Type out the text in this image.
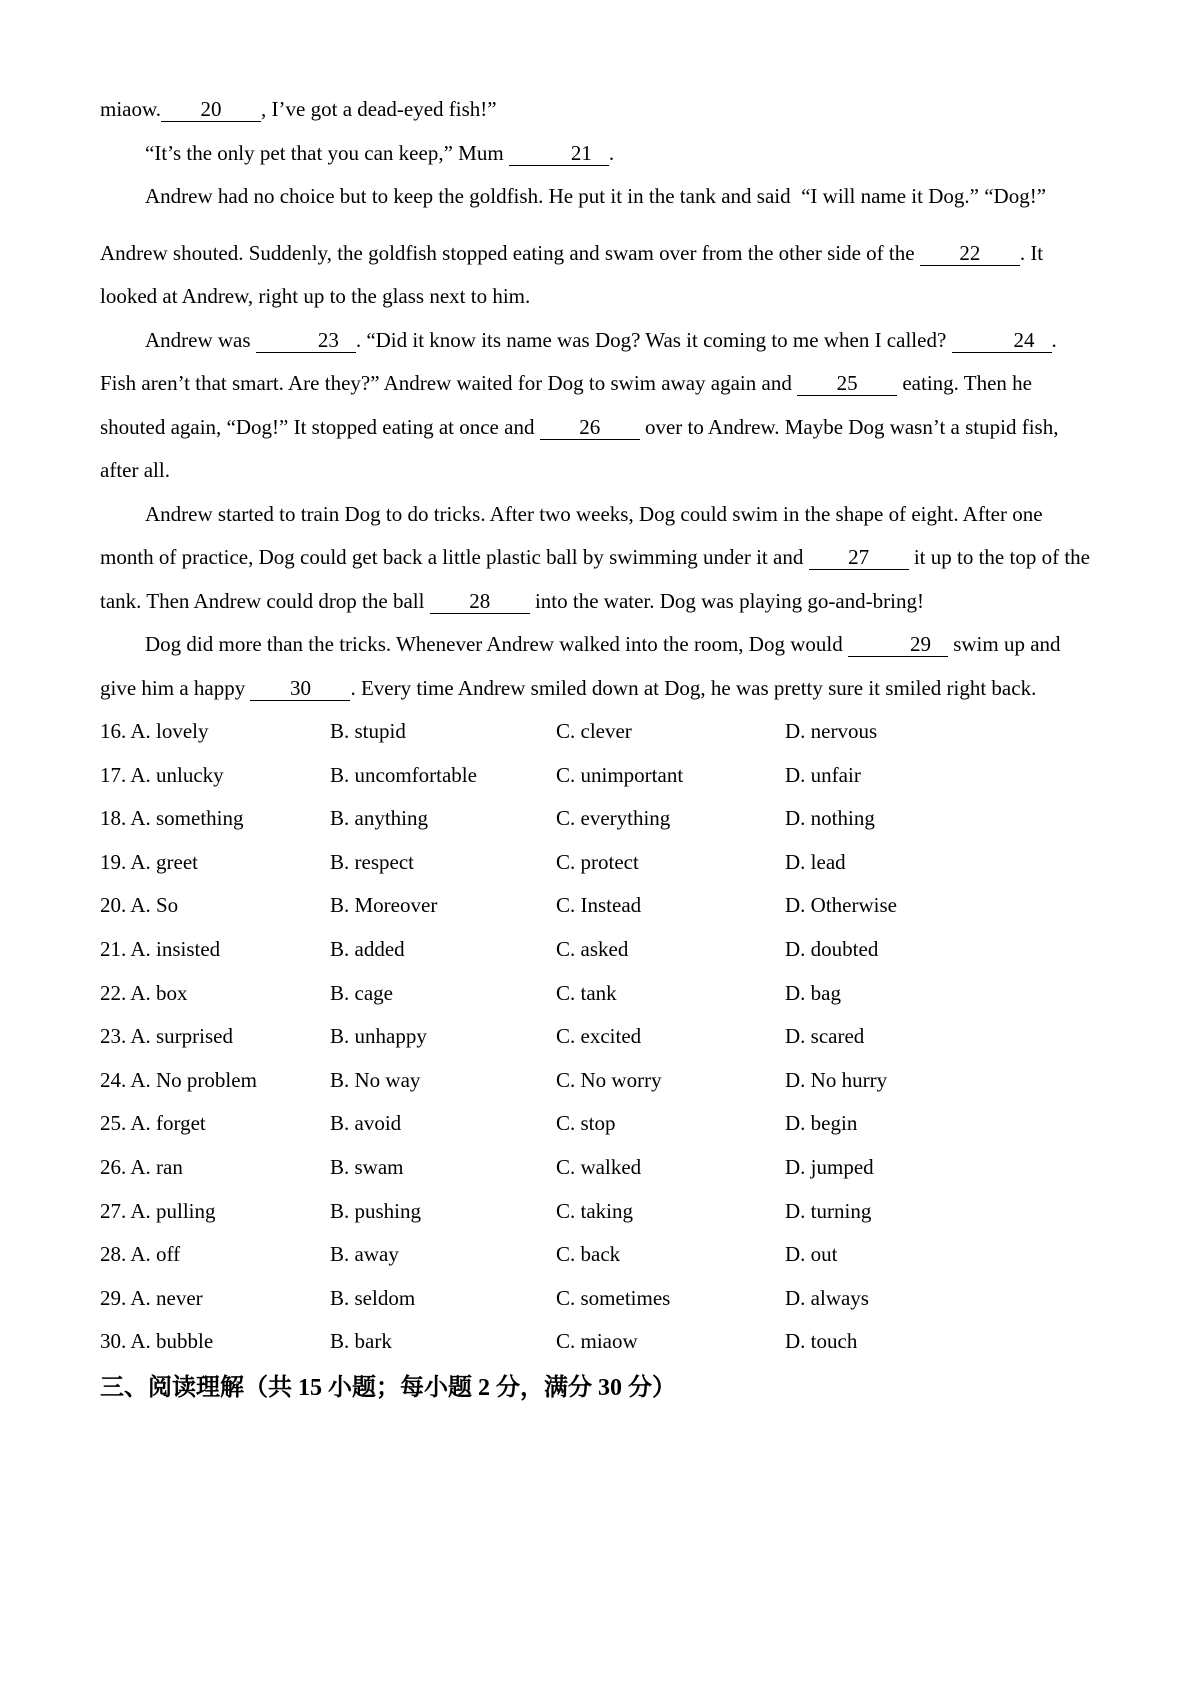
miaow. 20 , I’ve got a dead-eyed fish!”
“It’s the only pet that you can keep,” Mum	21 .
Andrew had no choice but to keep the goldfish. He put it in the tank and said  “I will name it Dog.” “Dog!”
Andrew shouted. Suddenly, the goldfish stopped eating and swam over from the other side of the 22 . It
looked at Andrew, right up to the glass next to him.
Andrew was	23 . “Did it know its name was Dog? Was it coming to me when I called?	24 .
Fish aren’t that smart. Are they?” Andrew waited for Dog to swim away again and 25 eating. Then he
shouted again, “Dog!” It stopped eating at once and 26 over to Andrew. Maybe Dog wasn’t a stupid fish,
after all.
Andrew started to train Dog to do tricks. After two weeks, Dog could swim in the shape of eight. After one
month of practice, Dog could get back a little plastic ball by swimming under it and 27 it up to the top of the
tank. Then Andrew could drop the ball 28 into the water. Dog was playing go-and-bring!
Dog did more than the tricks. Whenever Andrew walked into the room, Dog would	29 swim up and
give him a happy 30 . Every time Andrew smiled down at Dog, he was pretty sure it smiled right back.
16. A. lovely	B. stupid	C. clever	D. nervous
17. A. unlucky	B. uncomfortable	C. unimportant	D. unfair
18. A. something	B. anything	C. everything	D. nothing
19. A. greet	B. respect	C. protect	D. lead
20. A. So	B. Moreover	C. Instead	D. Otherwise
21. A. insisted	B. added	C. asked	D. doubted
22. A. box	B. cage	C. tank	D. bag
23. A. surprised	B. unhappy	C. excited	D. scared
24. A. No problem	B. No way	C. No worry	D. No hurry
25. A. forget	B. avoid	C. stop	D. begin
26. A. ran	B. swam	C. walked	D. jumped
27. A. pulling	B. pushing	C. taking	D. turning
28. A. off	B. away	C. back	D. out
29. A. never	B. seldom	C. sometimes	D. always
30. A. bubble	B. bark	C. miaow	D. touch
三、阅读理解（共 15 小题；每小题 2 分，满分 30 分）
